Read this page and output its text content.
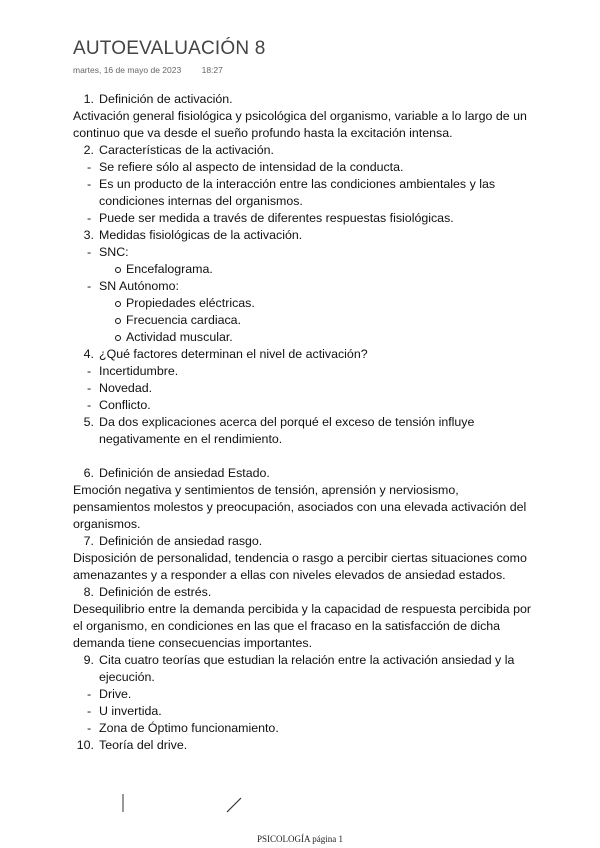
AUTOEVALUACIÓN 8
martes, 16 de mayo de 2023 18:27
1. Definición de activación.
Activación general fisiológica y psicológica del organismo, variable a lo largo de un continuo que va desde el sueño profundo hasta la excitación intensa.
2. Características de la activación.
- Se refiere sólo al aspecto de intensidad de la conducta.
- Es un producto de la interacción entre las condiciones ambientales y las condiciones internas del organismos.
- Puede ser medida a través de diferentes respuestas fisiológicas.
3. Medidas fisiológicas de la activación.
- SNC:
Encefalograma.
- SN Autónomo:
Propiedades eléctricas.
Frecuencia cardiaca.
Actividad muscular.
4. ¿Qué factores determinan el nivel de activación?
- Incertidumbre.
- Novedad.
- Conflicto.
5. Da dos explicaciones acerca del porqué el exceso de tensión influye negativamente en el rendimiento.
6. Definición de ansiedad Estado.
Emoción negativa y sentimientos de tensión, aprensión y nerviosismo, pensamientos molestos y preocupación, asociados con una elevada activación del organismos.
7. Definición de ansiedad rasgo.
Disposición de personalidad, tendencia o rasgo a percibir ciertas situaciones como amenazantes y a responder a ellas con niveles elevados de ansiedad estados.
8. Definición de estrés.
Desequilibrio entre la demanda percibida y la capacidad de respuesta percibida por el organismo, en condiciones en las que el fracaso en la satisfacción de dicha demanda tiene consecuencias importantes.
9. Cita cuatro teorías que estudian la relación entre la activación ansiedad y la ejecución.
- Drive.
- U invertida.
- Zona de Óptimo funcionamiento.
10. Teoría del drive.
PSICOLOGÍA página 1
